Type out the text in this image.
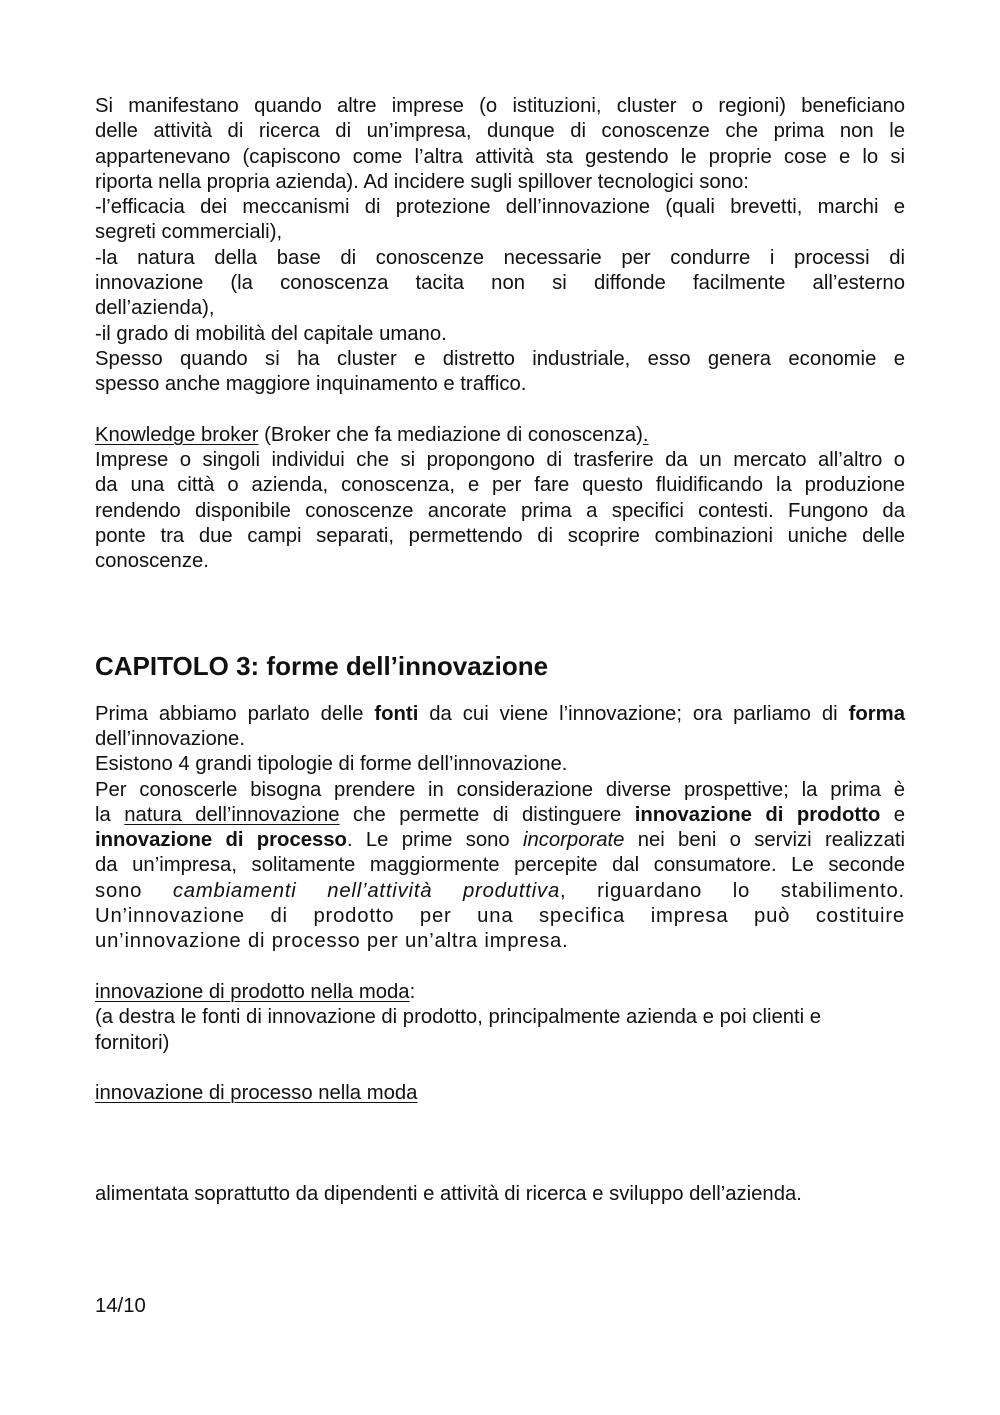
Si manifestano quando altre imprese (o istituzioni, cluster o regioni) beneficiano

delle attività di ricerca di un’impresa, dunque di conoscenze che prima non le

appartenevano (capiscono come l’altra attività sta gestendo le proprie cose e lo si

riporta nella propria azienda). Ad incidere sugli spillover tecnologici sono:

-l’efficacia dei meccanismi di protezione dell’innovazione (quali brevetti, marchi e

segreti commerciali),

-la natura della base di conoscenze necessarie per condurre i processi di

innovazione (la conoscenza tacita non si diffonde facilmente all’esterno

dell’azienda),

-il grado di mobilità del capitale umano.

Spesso quando si ha cluster e distretto industriale, esso genera economie e

spesso anche maggiore inquinamento e traffico.

Knowledge broker (Broker che fa mediazione di conoscenza).

Imprese o singoli individui che si propongono di trasferire da un mercato all’altro o

da una città o azienda, conoscenza, e per fare questo fluidificando la produzione

rendendo disponibile conoscenze ancorate prima a specifici contesti. Fungono da

ponte tra due campi separati, permettendo di scoprire combinazioni uniche delle

conoscenze.

CAPITOLO 3: forme dell’innovazione

Prima abbiamo parlato delle fonti da cui viene l’innovazione; ora parliamo di forma

dell’innovazione.

Esistono 4 grandi tipologie di forme dell’innovazione.

Per conoscerle bisogna prendere in considerazione diverse prospettive; la prima è

la natura dell’innovazione che permette di distinguere innovazione di prodotto e

innovazione di processo. Le prime sono incorporate nei beni o servizi realizzati

da un’impresa, solitamente maggiormente percepite dal consumatore. Le seconde

sono cambiamenti nell’attività produttiva, riguardano lo stabilimento.

Un’innovazione di prodotto per una specifica impresa può costituire

un’innovazione di processo per un’altra impresa.

innovazione di prodotto nella moda:

(a destra le fonti di innovazione di prodotto, principalmente azienda e poi clienti e

fornitori)

innovazione di processo nella moda

alimentata soprattutto da dipendenti e attività di ricerca e sviluppo dell’azienda.

14/10
